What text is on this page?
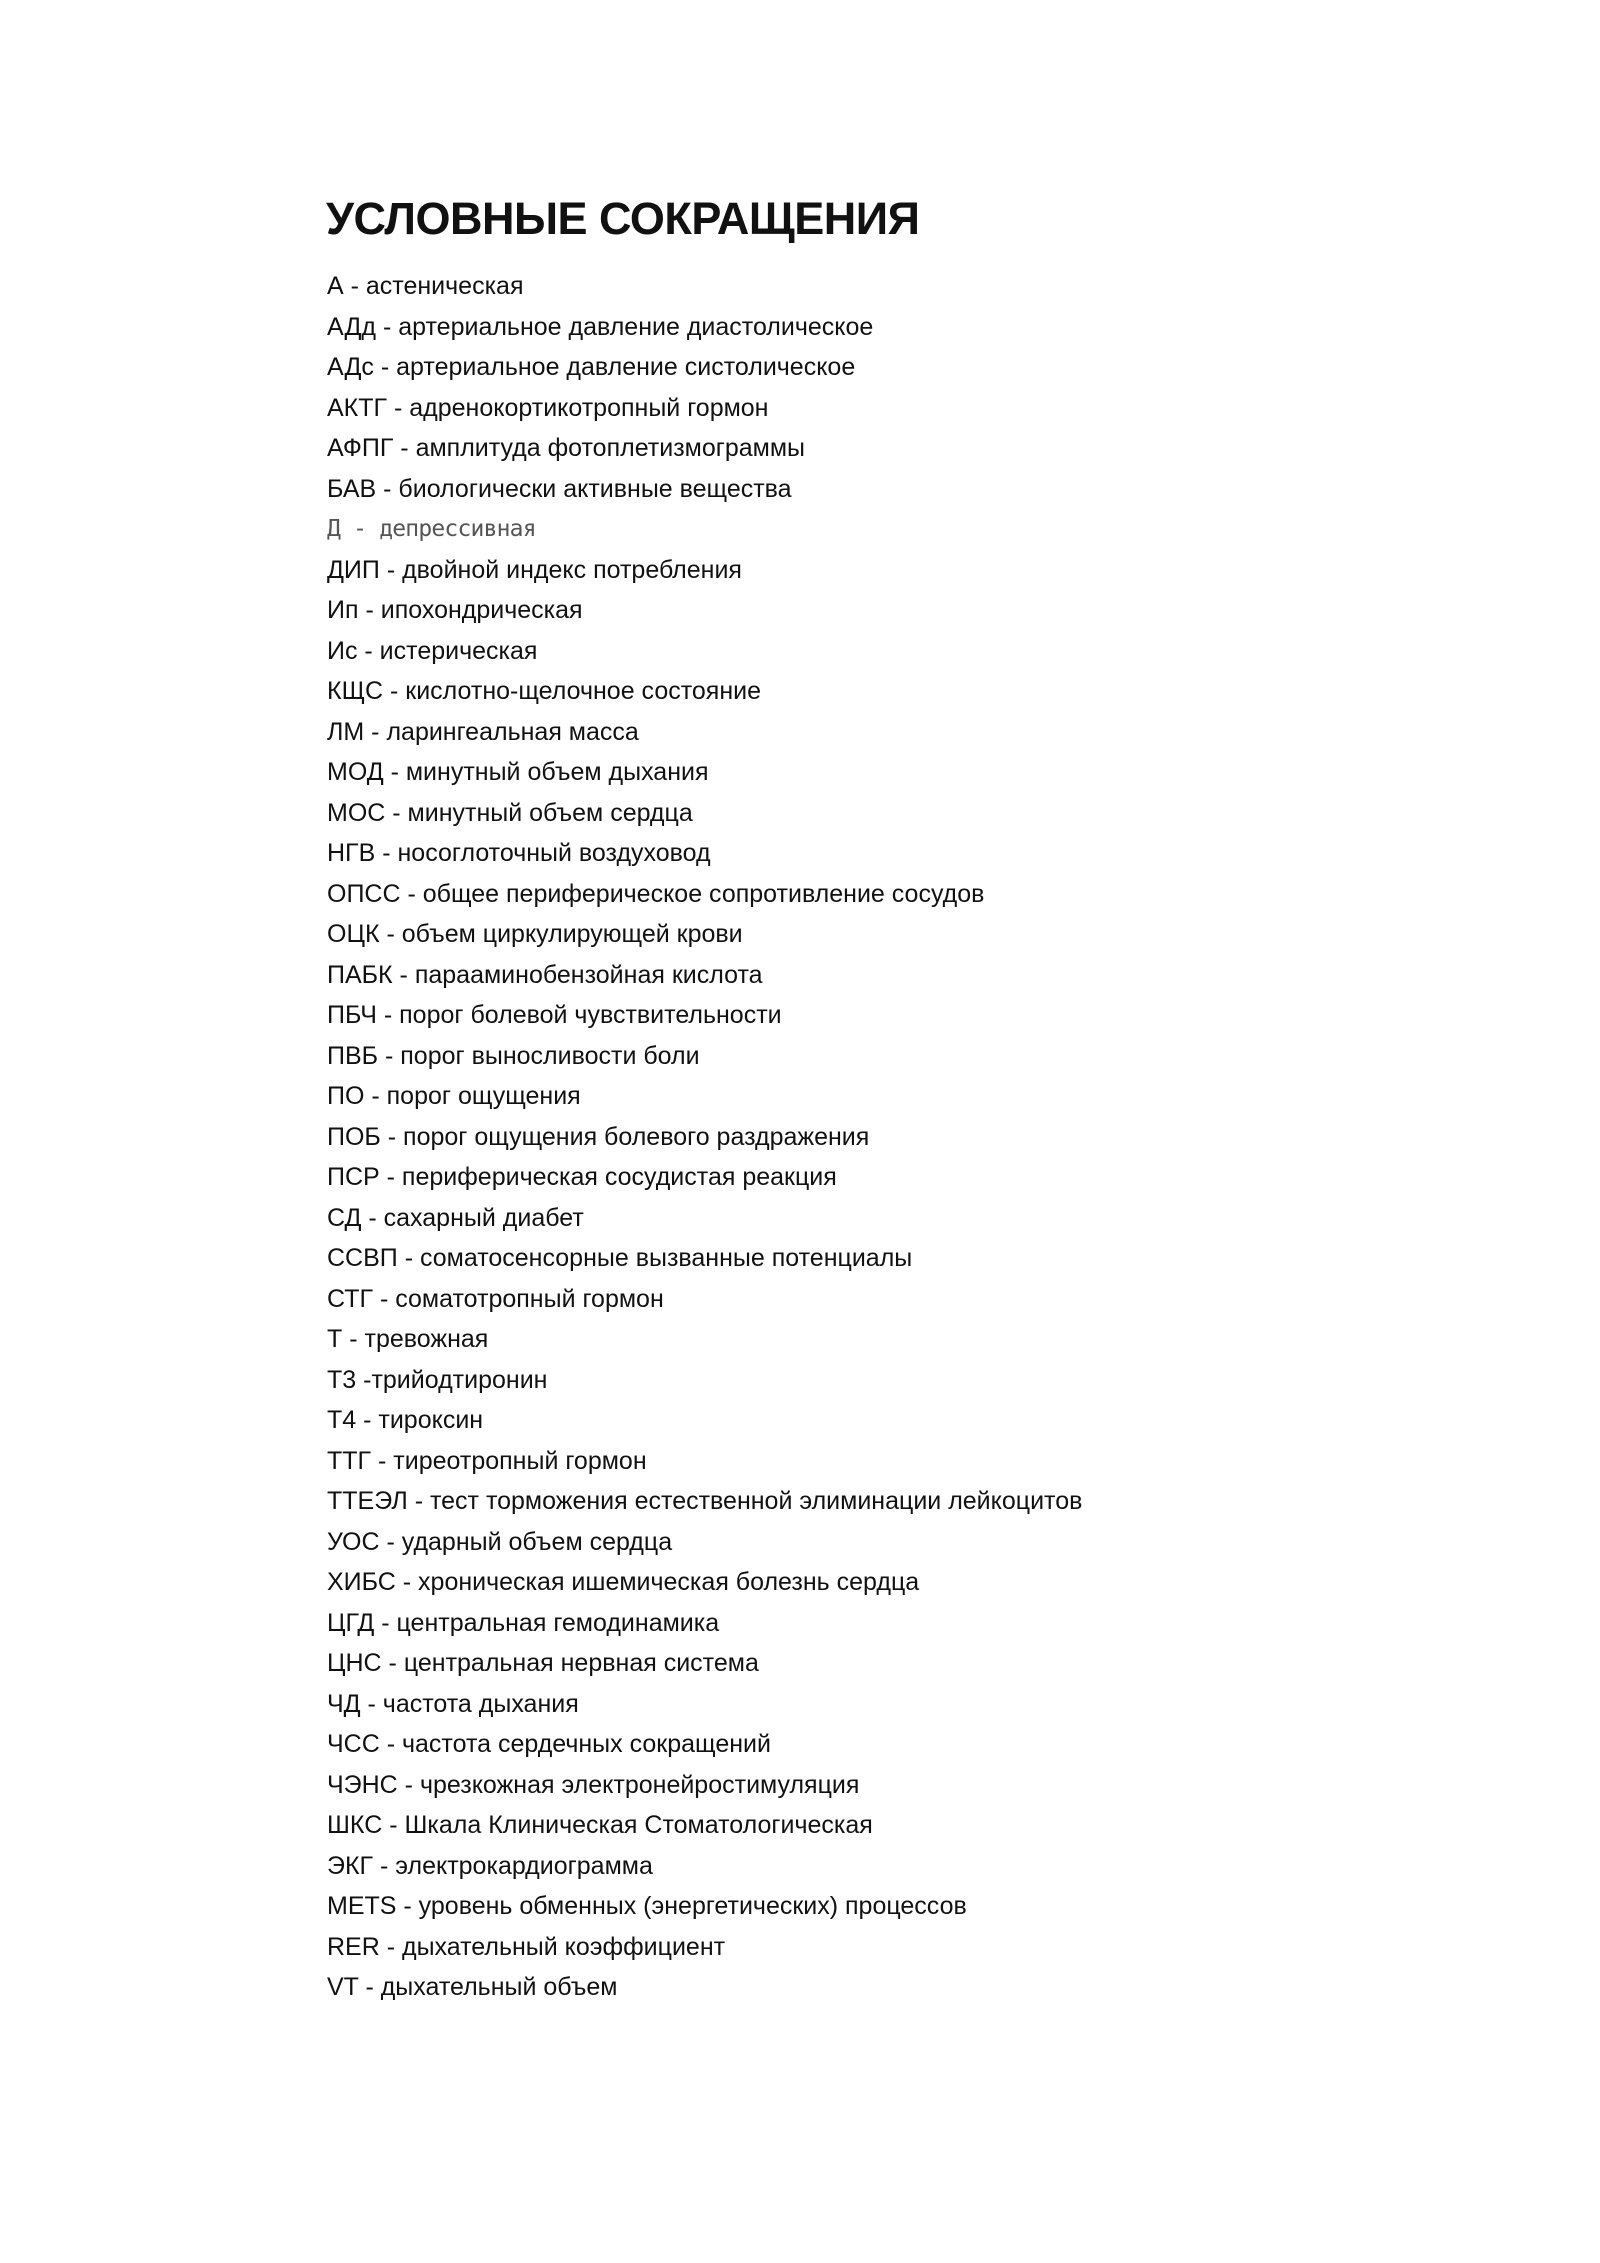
УСЛОВНЫЕ СОКРАЩЕНИЯ
А - астеническая
АДд - артериальное давление диастолическое
АДс - артериальное давление систолическое
АКТГ - адренокортикотропный гормон
АФПГ - амплитуда фотоплетизмограммы
БАВ - биологически активные вещества
Д - депрессивная
ДИП - двойной индекс потребления
Ип - ипохондрическая
Ис - истерическая
КЩС - кислотно-щелочное состояние
ЛМ - ларингеальная масса
МОД - минутный объем дыхания
МОС - минутный объем сердца
НГВ - носоглоточный воздуховод
ОПСС - общее периферическое сопротивление сосудов
ОЦК - объем циркулирующей крови
ПАБК - парааминобензойная кислота
ПБЧ - порог болевой чувствительности
ПВБ - порог выносливости боли
ПО - порог ощущения
ПОБ - порог ощущения болевого раздражения
ПСР - периферическая сосудистая реакция
СД - сахарный диабет
ССВП - соматосенсорные вызванные потенциалы
СТГ - соматотропный гормон
Т - тревожная
Т3 -трийодтиронин
Т4 - тироксин
ТТГ - тиреотропный гормон
ТТЕЭЛ - тест торможения естественной элиминации лейкоцитов
УОС - ударный объем сердца
ХИБС - хроническая ишемическая болезнь сердца
ЦГД - центральная гемодинамика
ЦНС - центральная нервная система
ЧД - частота дыхания
ЧСС - частота сердечных сокращений
ЧЭНС - чрезкожная электронейростимуляция
ШКС - Шкала Клиническая Стоматологическая
ЭКГ - электрокардиограмма
METS - уровень обменных (энергетических) процессов
RER - дыхательный коэффициент
VT - дыхательный объем
